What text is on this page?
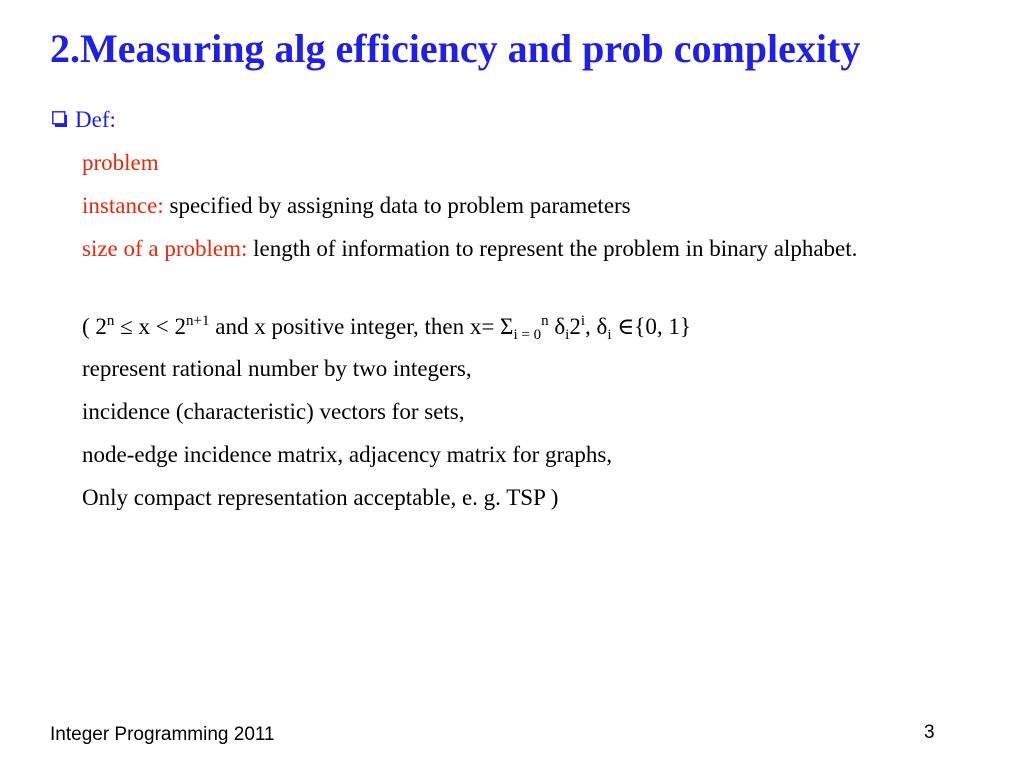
2.Measuring alg efficiency and prob complexity
Def:
problem
instance: specified by assigning data to problem parameters
size of a problem: length of information to represent the problem in binary alphabet.
( $2^n \le x < 2^{n+1}$ and x positive integer, then $x= \Sigma_{i = 0}^n$ $\delta_i2^i$, $\delta_i$ ∈{0, 1}
represent rational number by two integers,
incidence (characteristic) vectors for sets,
node-edge incidence matrix, adjacency matrix for graphs,
Only compact representation acceptable, e. g. TSP )
Integer Programming 2011	3
